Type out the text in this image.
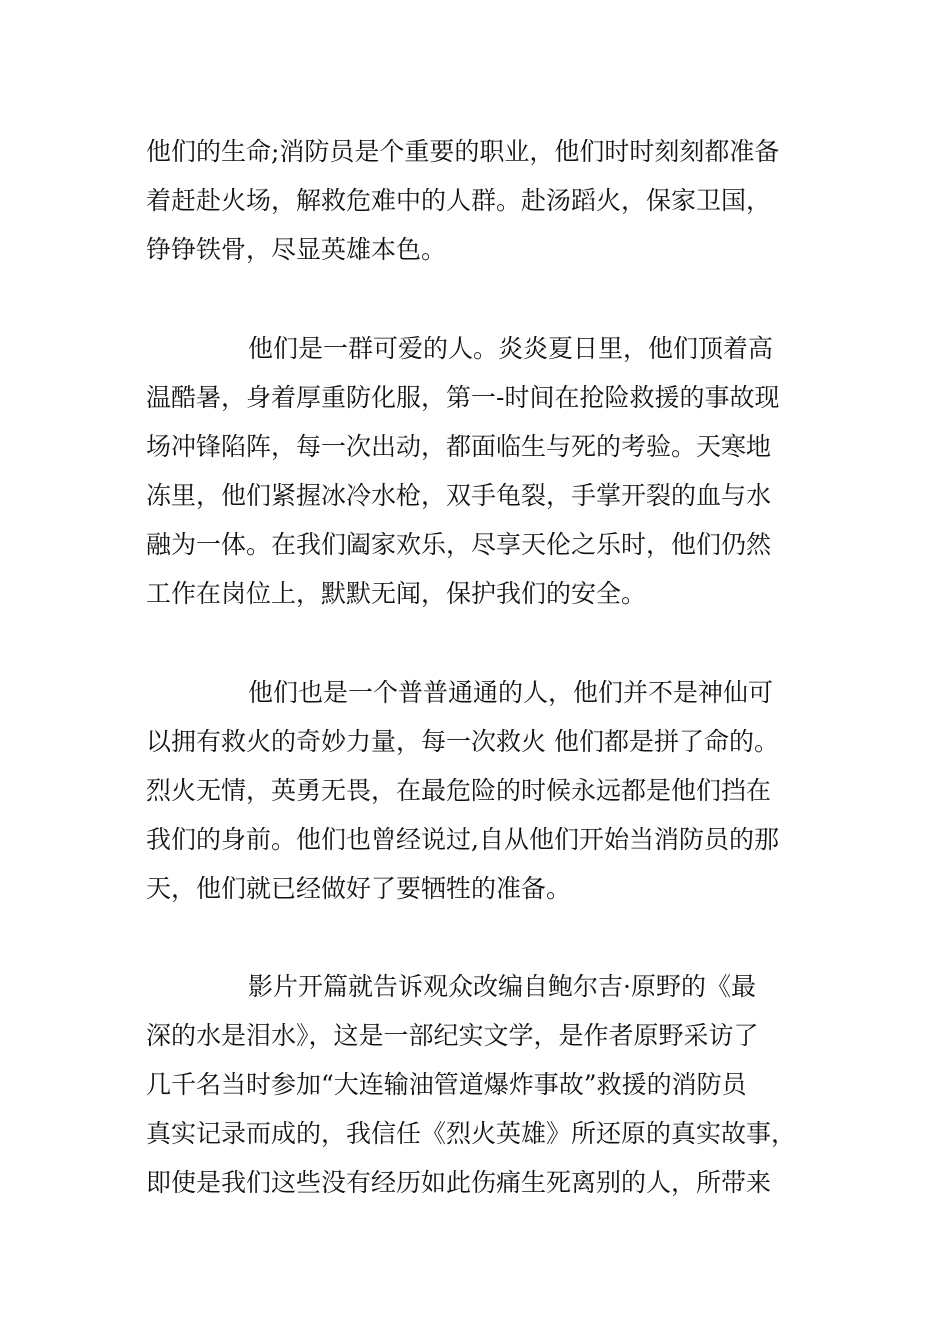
他们的生命;消防员是个重要的职业，他们时时刻刻都准备
着赶赴火场，解救危难中的人群。赴汤蹈火，保家卫国，
铮铮铁骨，尽显英雄本色。
他们是一群可爱的人。炎炎夏日里，他们顶着高
温酷暑，身着厚重防化服，第一-时间在抢险救援的事故现
场冲锋陷阵，每一次出动，都面临生与死的考验。天寒地
冻里，他们紧握冰冷水枪，双手龟裂，手掌开裂的血与水
融为一体。在我们阖家欢乐，尽享天伦之乐时，他们仍然
工作在岗位上，默默无闻，保护我们的安全。
他们也是一个普普通通的人，他们并不是神仙可
以拥有救火的奇妙力量，每一次救火 他们都是拼了命的。
烈火无情，英勇无畏，在最危险的时候永远都是他们挡在
我们的身前。他们也曾经说过,自从他们开始当消防员的那
天，他们就已经做好了要牺牲的准备。
影片开篇就告诉观众改编自鲍尔吉·原野的《最
深的水是泪水》，这是一部纪实文学，是作者原野采访了
几千名当时参加“大连输油管道爆炸事故”救援的消防员
真实记录而成的，我信任《烈火英雄》所还原的真实故事，
即使是我们这些没有经历如此伤痛生死离别的人，所带来
